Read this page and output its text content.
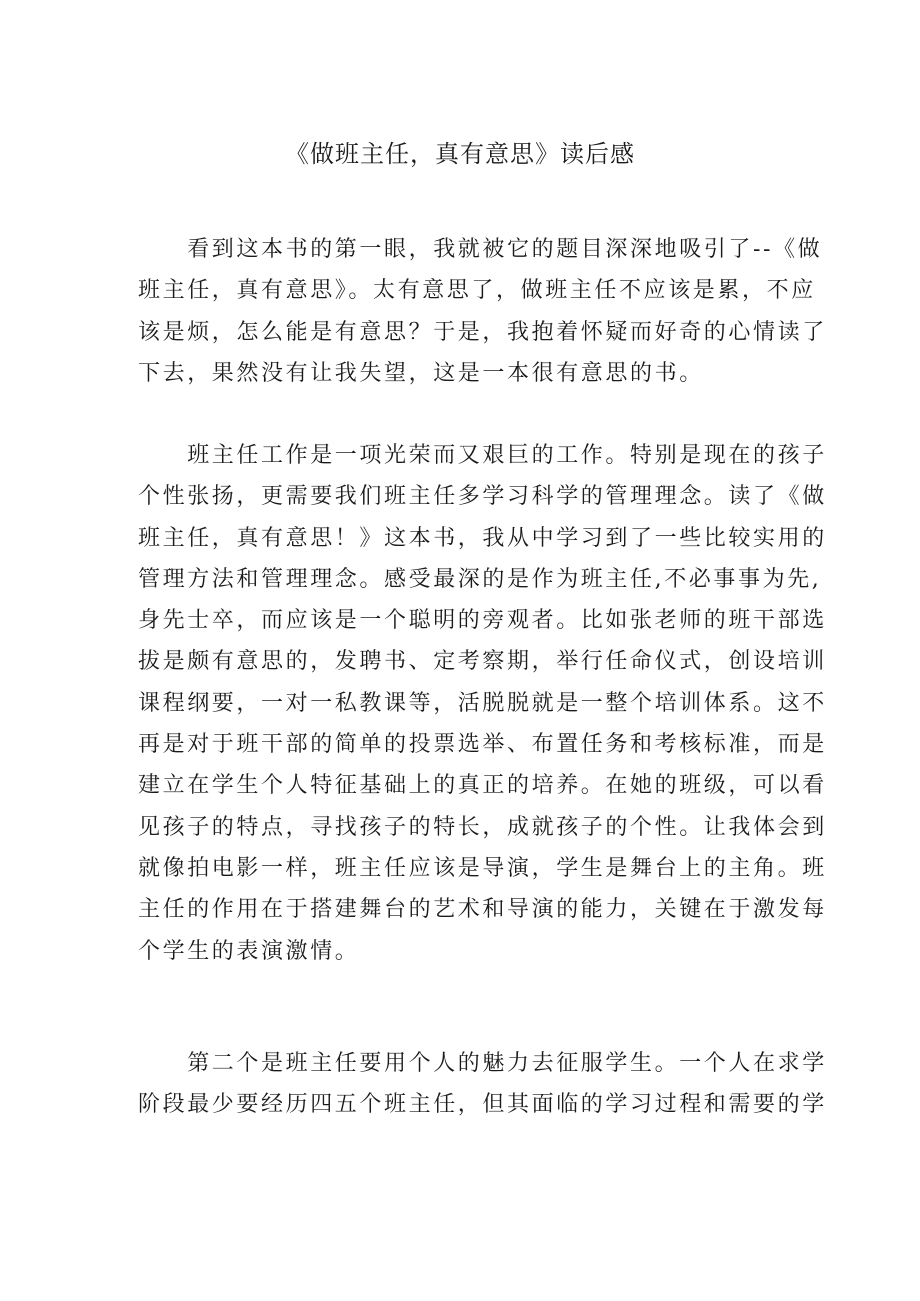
《做班主任，真有意思》读后感
　　看到这本书的第一眼，我就被它的题目深深地吸引了--《做
班主任，真有意思》。太有意思了，做班主任不应该是累，不应
该是烦，怎么能是有意思？于是，我抱着怀疑而好奇的心情读了
下去，果然没有让我失望，这是一本很有意思的书。
　　班主任工作是一项光荣而又艰巨的工作。特别是现在的孩子
个性张扬，更需要我们班主任多学习科学的管理理念。读了《做
班主任，真有意思！》这本书，我从中学习到了一些比较实用的
管理方法和管理理念。感受最深的是作为班主任,不必事事为先,
身先士卒，而应该是一个聪明的旁观者。比如张老师的班干部选
拔是颇有意思的，发聘书、定考察期，举行任命仪式，创设培训
课程纲要，一对一私教课等，活脱脱就是一整个培训体系。这不
再是对于班干部的简单的投票选举、布置任务和考核标准，而是
建立在学生个人特征基础上的真正的培养。在她的班级，可以看
见孩子的特点，寻找孩子的特长，成就孩子的个性。让我体会到
就像拍电影一样，班主任应该是导演，学生是舞台上的主角。班
主任的作用在于搭建舞台的艺术和导演的能力，关键在于激发每
个学生的表演激情。
　　第二个是班主任要用个人的魅力去征服学生。一个人在求学
阶段最少要经历四五个班主任，但其面临的学习过程和需要的学
